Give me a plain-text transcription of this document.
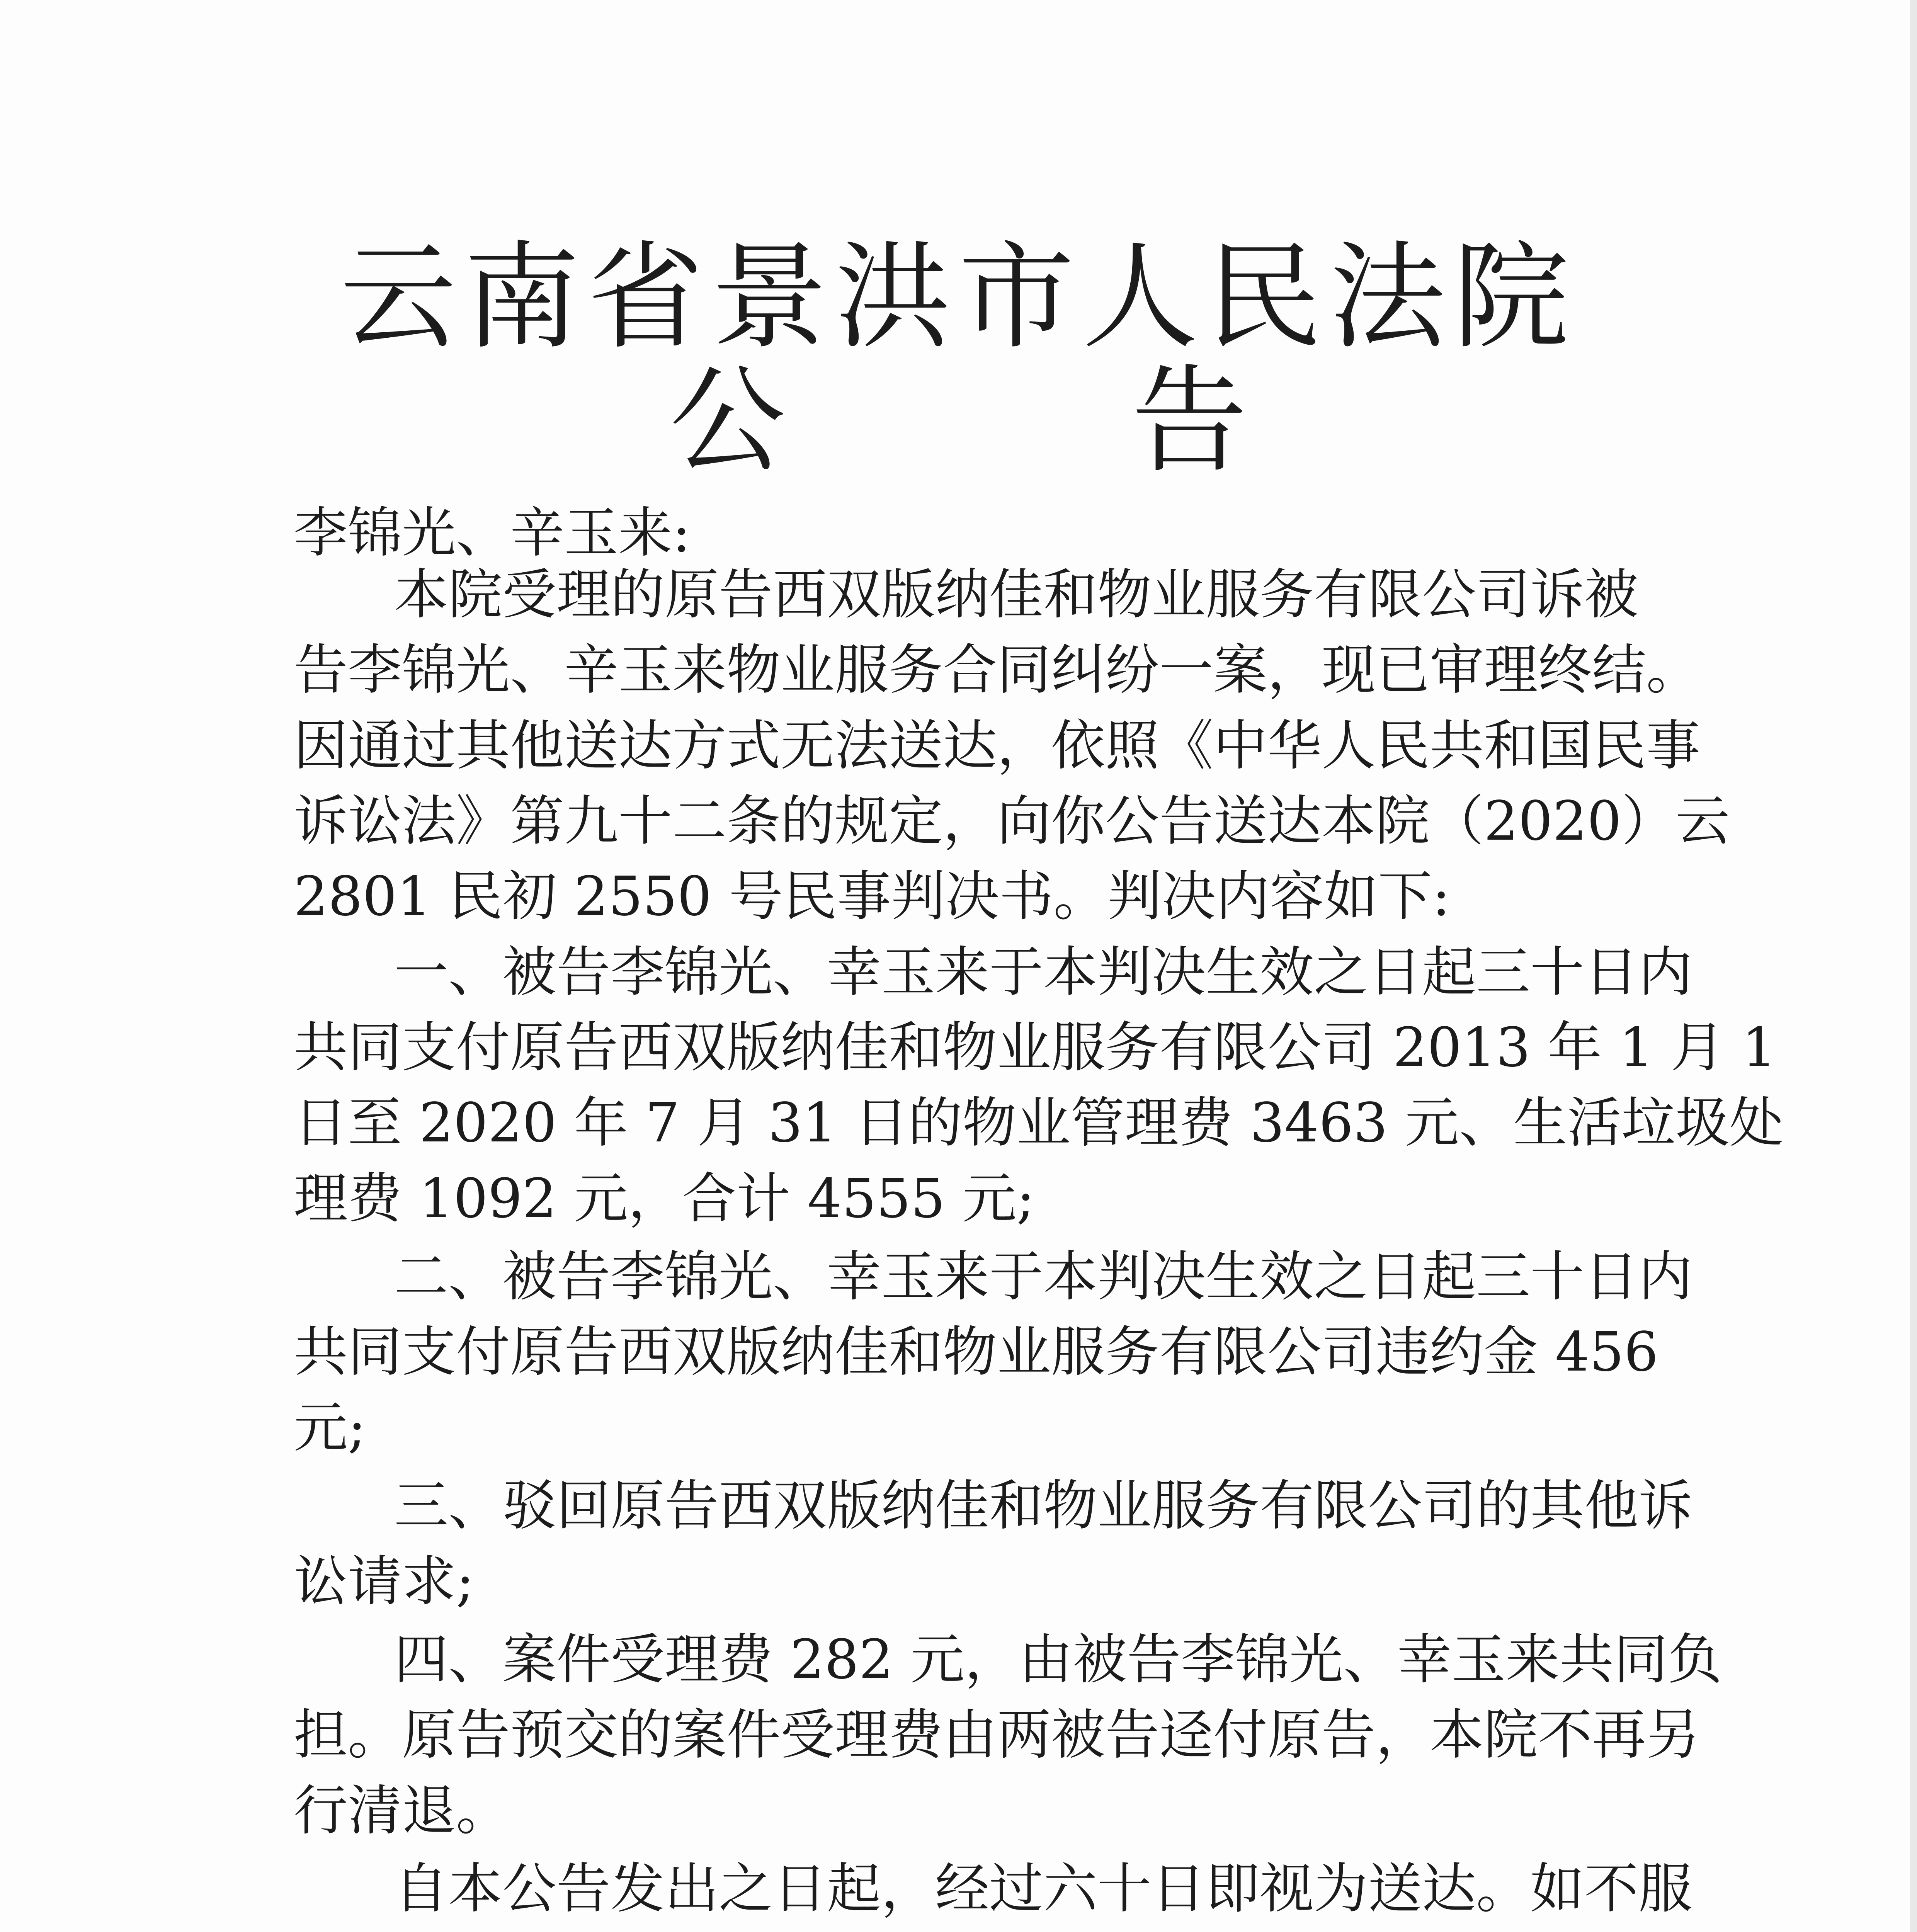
云南省景洪市人民法院
公 告
李锦光、辛玉来:
本院受理的原告西双版纳佳和物业服务有限公司诉被
告李锦光、辛玉来物业服务合同纠纷一案，现已审理终结。
因通过其他送达方式无法送达，依照《中华人民共和国民事
诉讼法》第九十二条的规定，向你公告送达本院（2020）云
2801 民初 2550 号民事判决书。判决内容如下:
一、被告李锦光、幸玉来于本判决生效之日起三十日内
共同支付原告西双版纳佳和物业服务有限公司 2013 年 1 月 1
日至 2020 年 7 月 31 日的物业管理费 3463 元、生活垃圾处
理费 1092 元，合计 4555 元;
二、被告李锦光、幸玉来于本判决生效之日起三十日内
共同支付原告西双版纳佳和物业服务有限公司违约金 456
元;
三、驳回原告西双版纳佳和物业服务有限公司的其他诉
讼请求;
四、案件受理费 282 元，由被告李锦光、幸玉来共同负
担。原告预交的案件受理费由两被告迳付原告，本院不再另
行清退。
自本公告发出之日起，经过六十日即视为送达。如不服
